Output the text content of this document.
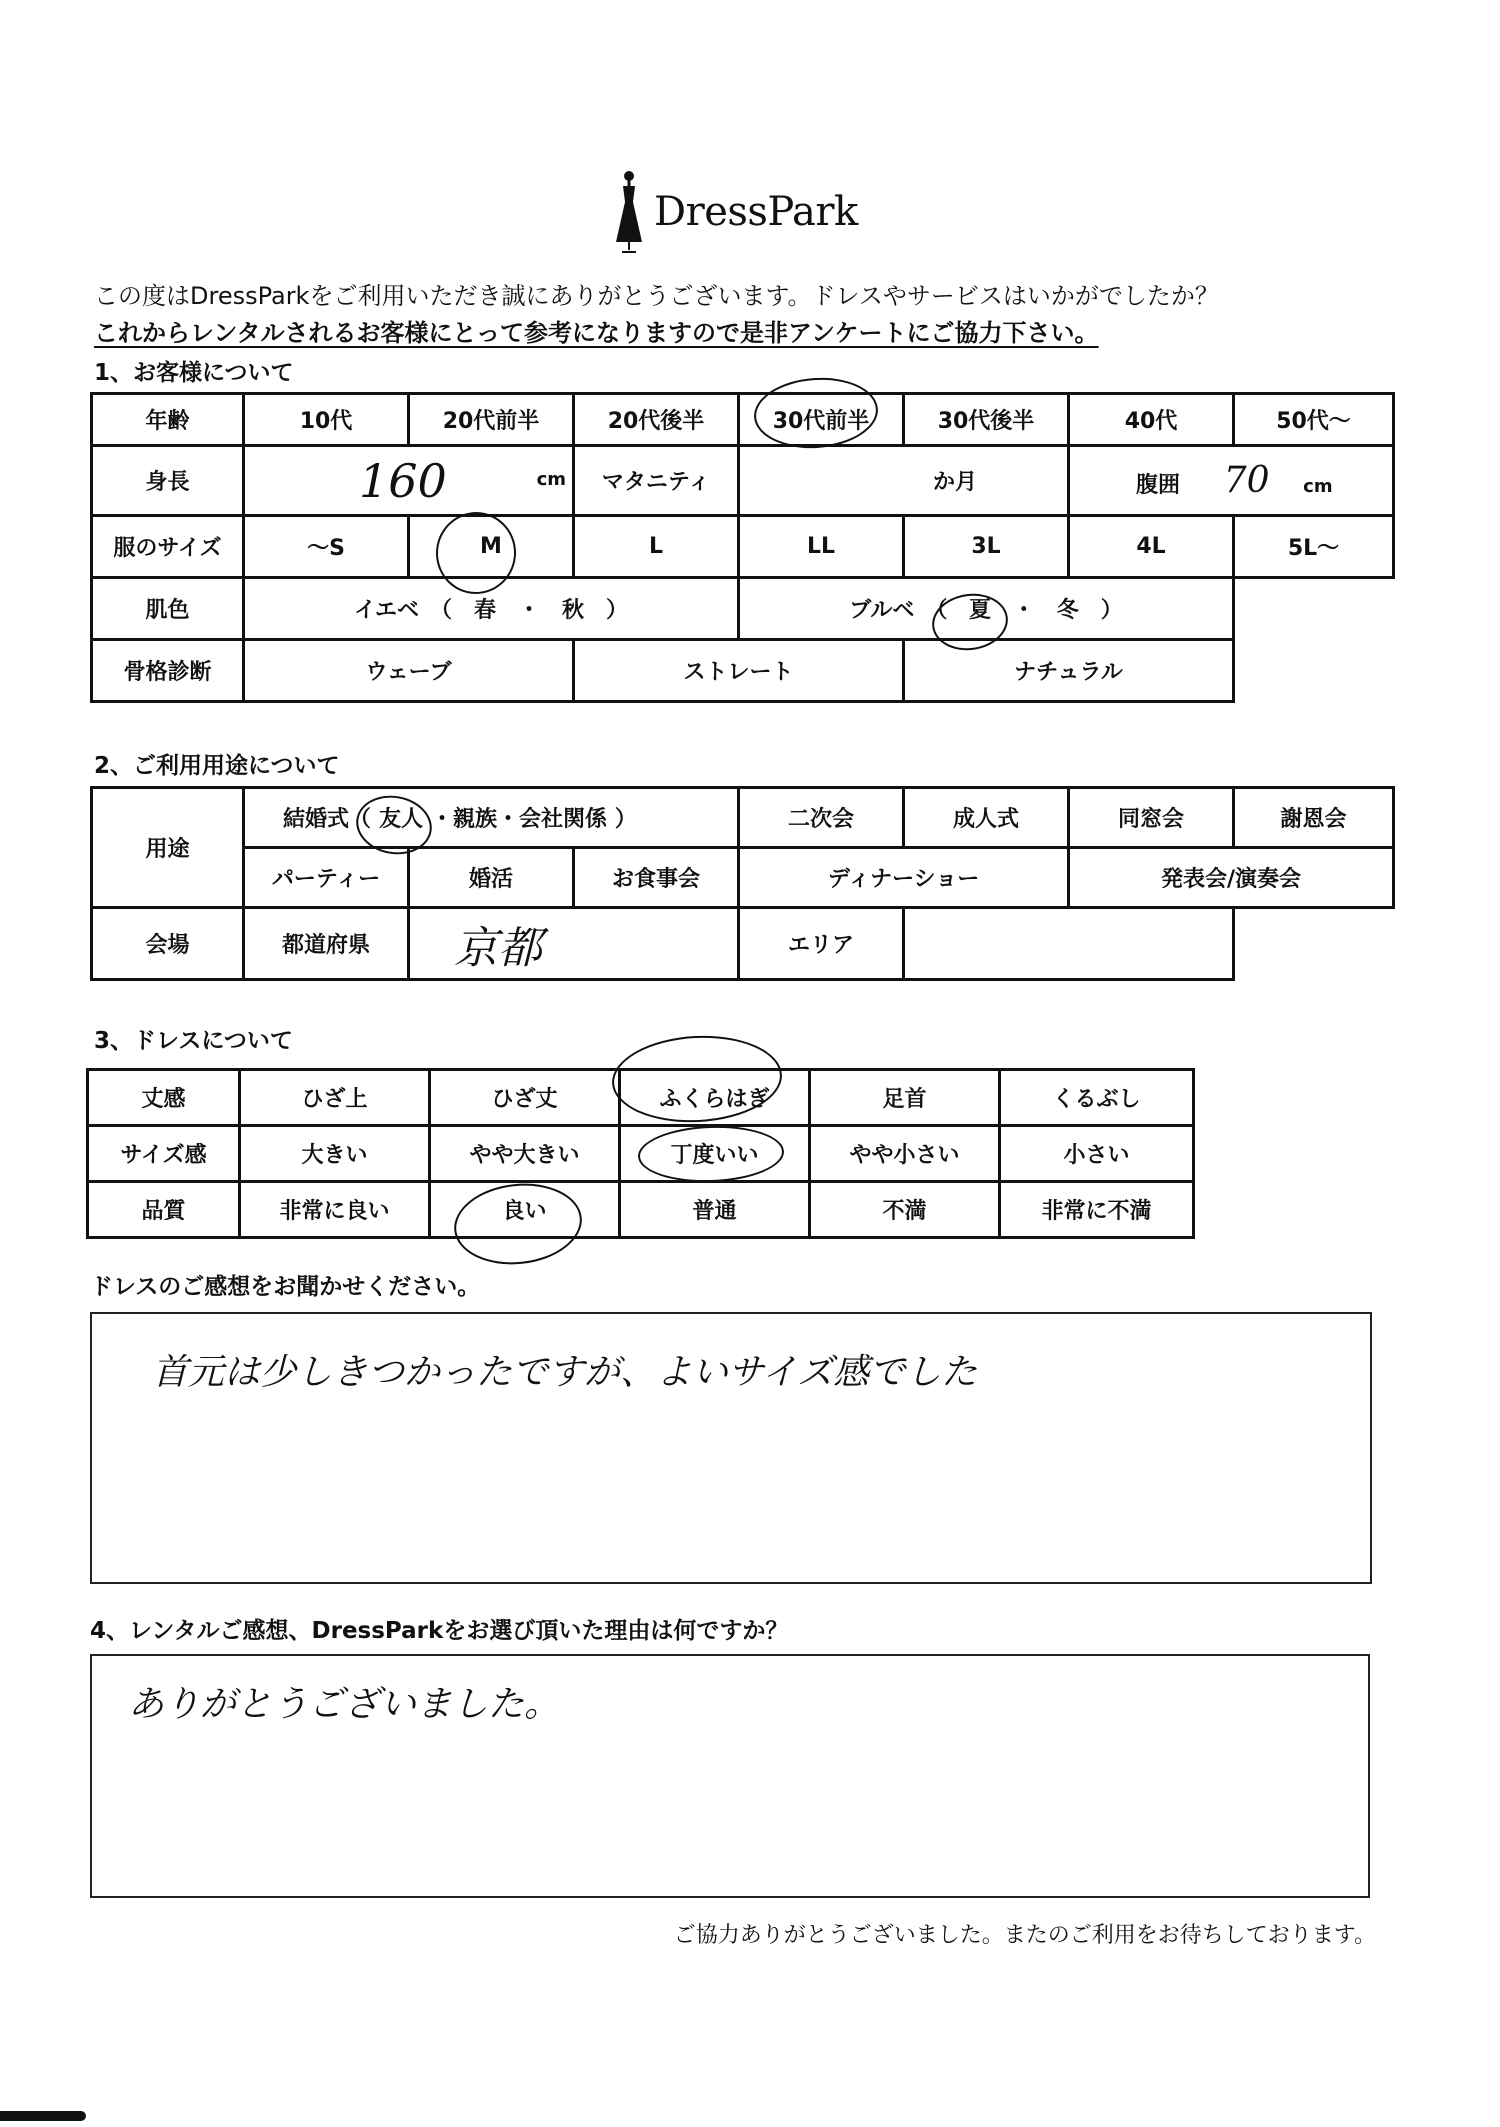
DressPark
この度はDressParkをご利用いただき誠にありがとうございます。ドレスやサービスはいかがでしたか？
これからレンタルされるお客様にとって参考になりますので是非アンケートにご協力下さい。
1、お客様について
年齢	10代	20代前半	20代後半	30代前半	30代後半	40代	50代～
身長	160 cm		マタニティ	か月		腹囲 70 cm	
服のサイズ	～S	M	L	LL	3L	4L	5L～
肌色	イエベ　（　春　・　秋　）			ブルベ　（ 夏 ・　冬　）			
骨格診断	ウェーブ		ストレート		ナチュラル		
2、ご利用用途について
用途	結婚式（ 友人 ・親族・会社関係 ）			二次会	成人式	同窓会	謝恩会
	パーティー	婚活	お食事会	ディナーショー		発表会/演奏会	
会場	都道府県	京都		エリア			
3、ドレスについて
丈感	ひざ上	ひざ丈	ふくらはぎ	足首	くるぶし
サイズ感	大きい	やや大きい	丁度いい	やや小さい	小さい
品質	非常に良い	良い	普通	不満	非常に不満
ドレスのご感想をお聞かせください。
首元は少しきつかったですが、よいサイズ感でした
4、レンタルご感想、DressParkをお選び頂いた理由は何ですか？
ありがとうございました。
ご協力ありがとうございました。またのご利用をお待ちしております。
